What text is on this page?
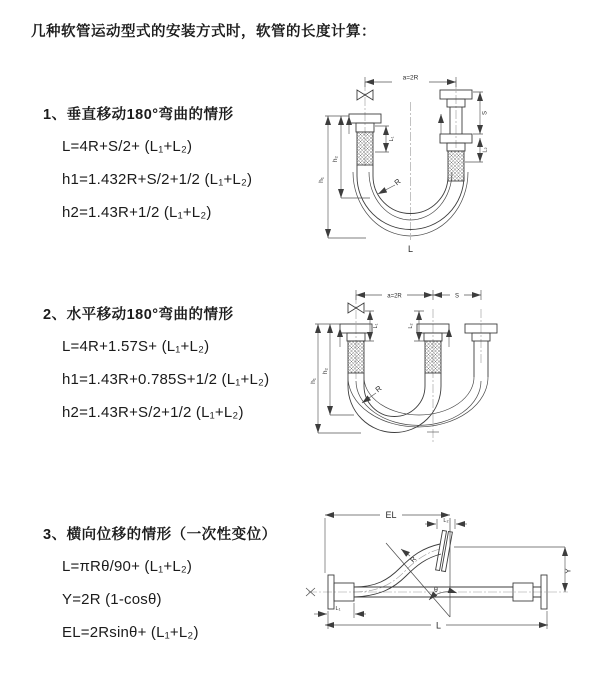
几种软管运动型式的安装方式时，软管的长度计算：
1、垂直移动180°弯曲的情形
L=4R+S/2+ (L₁+L₂)
h1=1.432R+S/2+1/2 (L₁+L₂)
h2=1.43R+1/2 (L₁+L₂)
a=2R
h₁
h₂
L₁
S
L₂
R
L
2、水平移动180°弯曲的情形
L=4R+1.57S+ (L₁+L₂)
h1=1.43R+0.785S+1/2 (L₁+L₂)
h2=1.43R+S/2+1/2 (L₁+L₂)
a=2R	S
h₁
h₂
L₁	L₂
R
3、横向位移的情形（一次性变位）
L=πRθ/90+ (L₁+L₂)
Y=2R (1-cosθ)
EL=2Rsinθ+ (L₁+L₂)
EL
L₂
Y
L
L₁
R
θ
